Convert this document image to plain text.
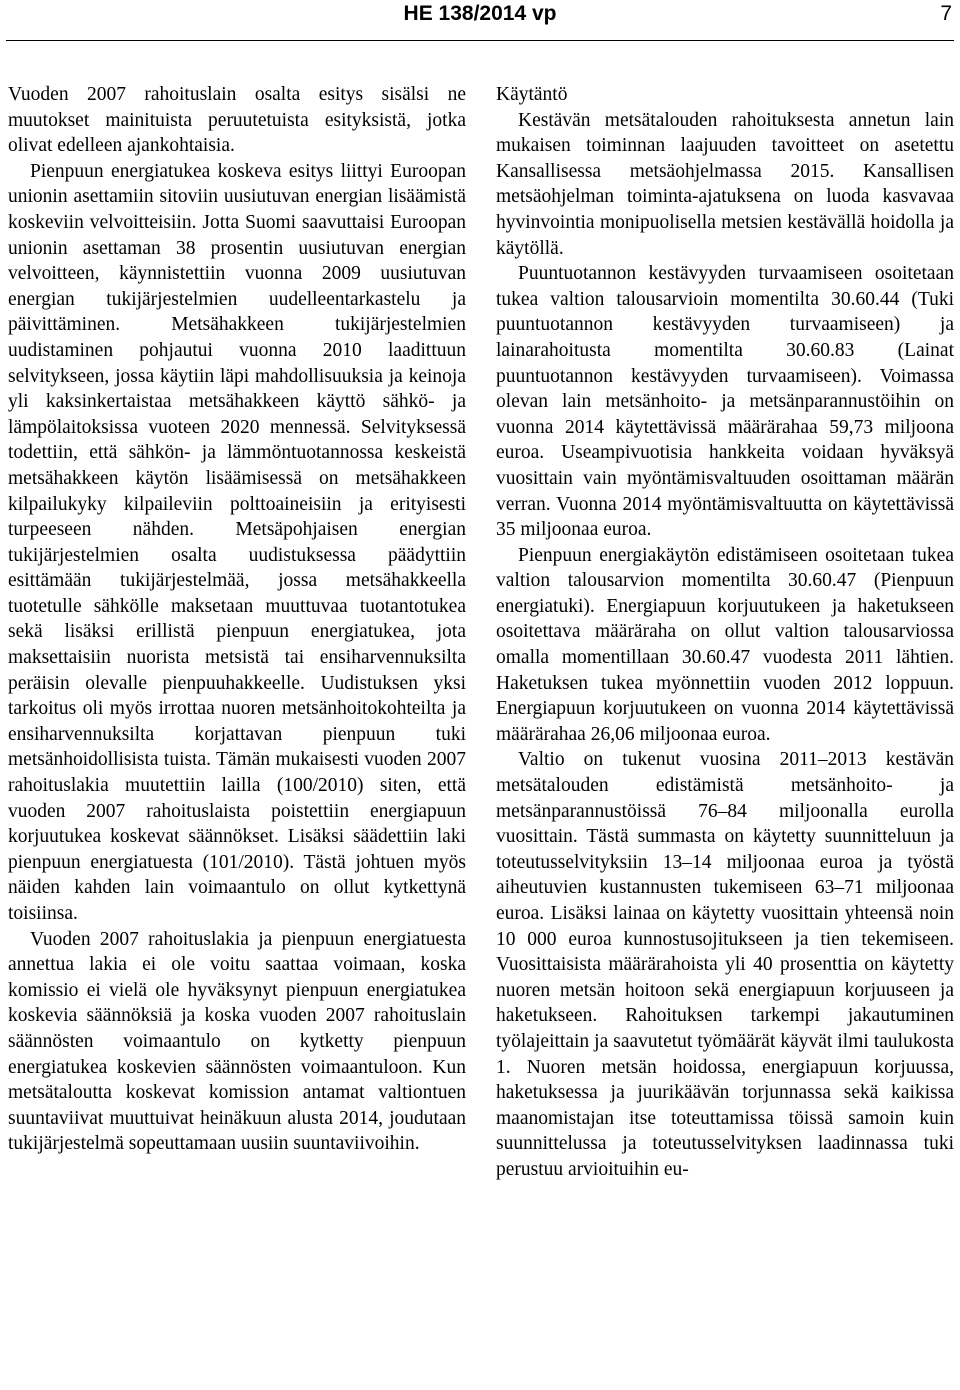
HE 138/2014 vp	7

Vuoden 2007 rahoituslain osalta esitys sisälsi ne muutokset mainituista peruutetuista esityksistä, jotka olivat edelleen ajankohtaisia.

Pienpuun energiatukea koskeva esitys liittyi Euroopan unionin asettamiin sitoviin uusiutuvan energian lisäämistä koskeviin velvoitteisiin. Jotta Suomi saavuttaisi Euroopan unionin asettaman 38 prosentin uusiutuvan energian velvoitteen, käynnistettiin vuonna 2009 uusiutuvan energian tukijärjestelmien uudelleentarkastelu ja päivittäminen. Metsähakkeen tukijärjestelmien uudistaminen pohjautui vuonna 2010 laadittuun selvitykseen, jossa käytiin läpi mahdollisuuksia ja keinoja yli kaksinkertaistaa metsähakkeen käyttö sähkö- ja lämpölaitoksissa vuoteen 2020 mennessä. Selvityksessä todettiin, että sähkön- ja lämmöntuotannossa keskeistä metsähakkeen käytön lisäämisessä on metsähakkeen kilpailukyky kilpaileviin polttoaineisiin ja erityisesti turpeeseen nähden. Metsäpohjaisen energian tukijärjestelmien osalta uudistuksessa päädyttiin esittämään tukijärjestelmää, jossa metsähakkeella tuotetulle sähkölle maksetaan muuttuvaa tuotantotukea sekä lisäksi erillistä pienpuun energiatukea, jota maksettaisiin nuorista metsistä tai ensiharvennuksilta peräisin olevalle pienpuuhakkeelle. Uudistuksen yksi tarkoitus oli myös irrottaa nuoren metsänhoitokohteilta ja ensiharvennuksilta korjattavan pienpuun tuki metsänhoidollisista tuista. Tämän mukaisesti vuoden 2007 rahoituslakia muutettiin lailla (100/2010) siten, että vuoden 2007 rahoituslaista poistettiin energiapuun korjuutukea koskevat säännökset. Lisäksi säädettiin laki pienpuun energiatuesta (101/2010). Tästä johtuen myös näiden kahden lain voimaantulo on ollut kytkettynä toisiinsa.

Vuoden 2007 rahoituslakia ja pienpuun energiatuesta annettua lakia ei ole voitu saattaa voimaan, koska komissio ei vielä ole hyväksynyt pienpuun energiatukea koskevia säännöksiä ja koska vuoden 2007 rahoituslain säännösten voimaantulo on kytketty pienpuun energiatukea koskevien säännösten voimaantuloon. Kun metsätaloutta koskevat komission antamat valtiontuen suuntaviivat muuttuivat heinäkuun alusta 2014, joudutaan tukijärjestelmä sopeuttamaan uusiin suuntaviivoihin.

Käytäntö

Kestävän metsätalouden rahoituksesta annetun lain mukaisen toiminnan laajuuden tavoitteet on asetettu Kansallisessa metsäohjelmassa 2015. Kansallisen metsäohjelman toiminta-ajatuksena on luoda kasvavaa hyvinvointia monipuolisella metsien kestävällä hoidolla ja käytöllä.

Puuntuotannon kestävyyden turvaamiseen osoitetaan tukea valtion talousarvioin momentilta 30.60.44 (Tuki puuntuotannon kestävyyden turvaamiseen) ja lainarahoitusta momentilta 30.60.83 (Lainat puuntuotannon kestävyyden turvaamiseen). Voimassa olevan lain metsänhoito- ja metsänparannustöihin on vuonna 2014 käytettävissä määrärahaa 59,73 miljoona euroa. Useampivuotisia hankkeita voidaan hyväksyä vuosittain vain myöntämisvaltuuden osoittaman määrän verran. Vuonna 2014 myöntämisvaltuutta on käytettävissä 35 miljoonaa euroa.

Pienpuun energiakäytön edistämiseen osoitetaan tukea valtion talousarvion momentilta 30.60.47 (Pienpuun energiatuki). Energiapuun korjuutukeen ja haketukseen osoitettava määräraha on ollut valtion talousarviossa omalla momentillaan 30.60.47 vuodesta 2011 lähtien. Haketuksen tukea myönnettiin vuoden 2012 loppuun. Energiapuun korjuutukeen on vuonna 2014 käytettävissä määrärahaa 26,06 miljoonaa euroa.

Valtio on tukenut vuosina 2011–2013 kestävän metsätalouden edistämistä metsänhoito- ja metsänparannustöissä 76–84 miljoonalla eurolla vuosittain. Tästä summasta on käytetty suunnitteluun ja toteutusselvityksiin 13–14 miljoonaa euroa ja työstä aiheutuvien kustannusten tukemiseen 63–71 miljoonaa euroa. Lisäksi lainaa on käytetty vuosittain yhteensä noin 10 000 euroa kunnostusojitukseen ja tien tekemiseen. Vuosittaisista määrärahoista yli 40 prosenttia on käytetty nuoren metsän hoitoon sekä energiapuun korjuuseen ja haketukseen. Rahoituksen tarkempi jakautuminen työlajeittain ja saavutetut työmäärät käyvät ilmi taulukosta 1. Nuoren metsän hoidossa, energiapuun korjuussa, haketuksessa ja juurikäävän torjunnassa sekä kaikissa maanomistajan itse toteuttamissa töissä samoin kuin suunnittelussa ja toteutusselvityksen laadinnassa tuki perustuu arvioituihin eu-
